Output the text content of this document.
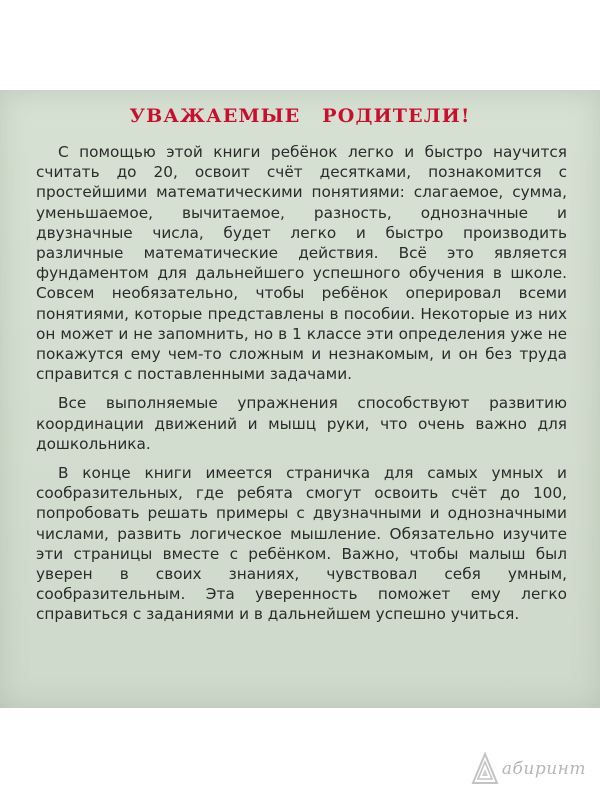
УВАЖАЕМЫЕ РОДИТЕЛИ!

С помощью этой книги ребёнок легко и быстро научится считать до 20, освоит счёт десятками, познакомится с простейшими математическими понятиями: слагаемое, сумма, уменьшаемое, вычитаемое, разность, однозначные и двузначные числа, будет легко и быстро производить различные математические действия. Всё это является фундаментом для дальнейшего успешного обучения в школе. Совсем необязательно, чтобы ребёнок оперировал всеми понятиями, которые представлены в пособии. Некоторые из них он может и не запомнить, но в 1 классе эти определения уже не покажутся ему чем-то сложным и незнакомым, и он без труда справится с поставленными задачами.

Все выполняемые упражнения способствуют развитию координации движений и мышц руки, что очень важно для дошкольника.

В конце книги имеется страничка для самых умных и сообразительных, где ребята смогут освоить счёт до 100, попробовать решать примеры с двузначными и однозначными числами, развить логическое мышление. Обязательно изучите эти страницы вместе с ребёнком. Важно, чтобы малыш был уверен в своих знаниях, чувствовал себя умным, сообразительным. Эта уверенность поможет ему легко справиться с заданиями и в дальнейшем успешно учиться.

абиринт
